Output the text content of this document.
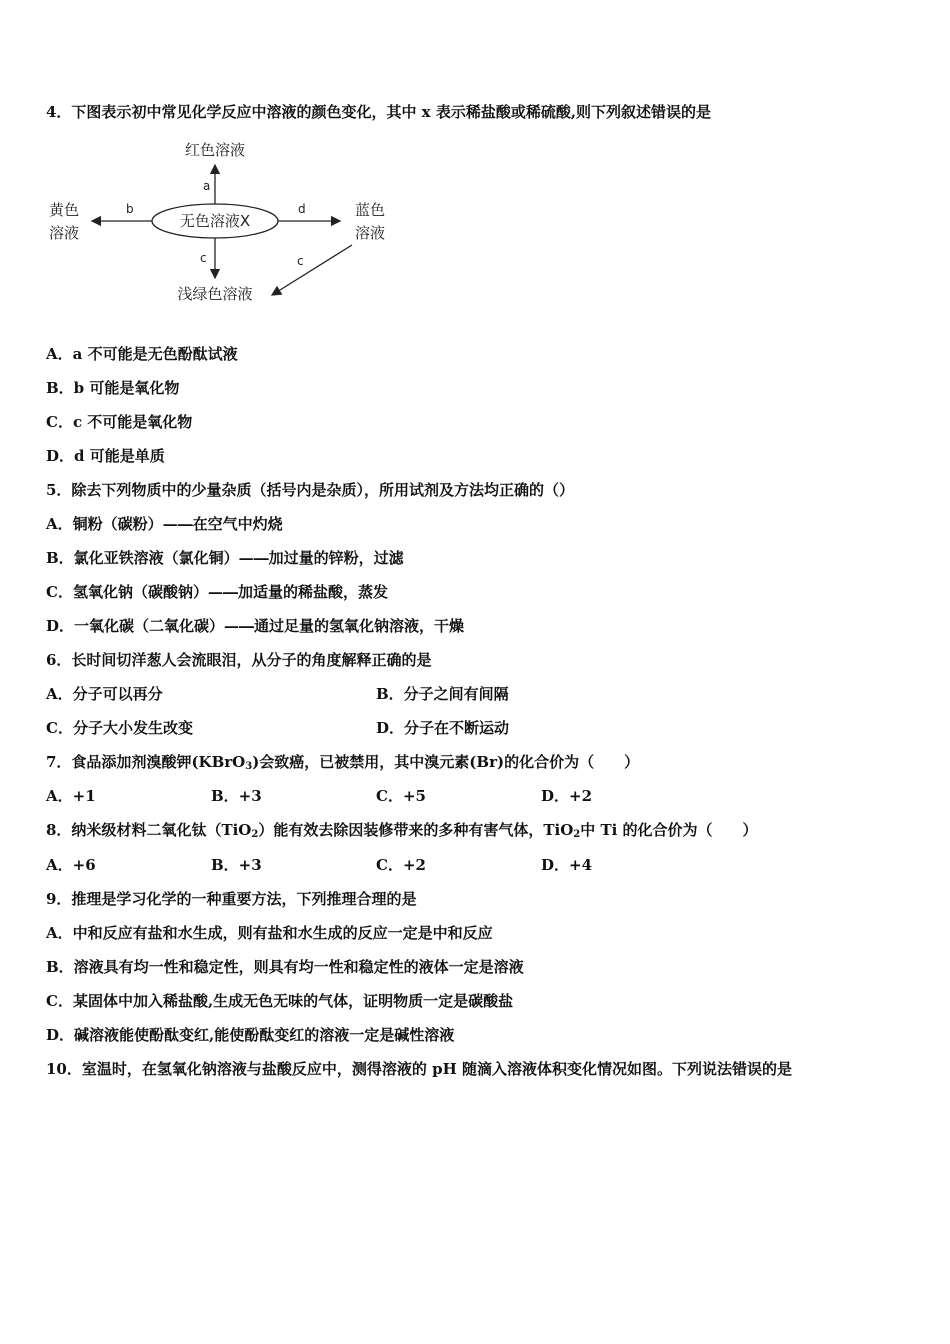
4．下图表示初中常见化学反应中溶液的颜色变化，其中 x 表示稀盐酸或稀硫酸,则下列叙述错误的是
无色溶液X
a
红色溶液
b
黄色
溶液
d	蓝色
溶液
c	c
浅绿色溶液
A．a 不可能是无色酚酞试液
B．b 可能是氧化物
C．c 不可能是氧化物
D．d 可能是单质
5．除去下列物质中的少量杂质（括号内是杂质），所用试剂及方法均正确的（）
A．铜粉（碳粉）—―在空气中灼烧
B．氯化亚铁溶液（氯化铜）—―加过量的锌粉，过滤
C．氢氧化钠（碳酸钠）—―加适量的稀盐酸，蒸发
D．一氧化碳（二氧化碳）—―通过足量的氢氧化钠溶液，干燥
6．长时间切洋葱人会流眼泪，从分子的角度解释正确的是
A．分子可以再分	B．分子之间有间隔
C．分子大小发生改变	D．分子在不断运动
7．食品添加剂溴酸钾(KBrO$_3$)会致癌，已被禁用，其中溴元素(Br)的化合价为（　　）
A．+1	B．+3	C．+5	D．+2
8．纳米级材料二氧化钛（TiO$_2$）能有效去除因装修带来的多种有害气体，TiO$_2$中 Ti 的化合价为（　　）
A．+6	B．+3	C．+2	D．+4
9．推理是学习化学的一种重要方法，下列推理合理的是
A．中和反应有盐和水生成，则有盐和水生成的反应一定是中和反应
B．溶液具有均一性和稳定性，则具有均一性和稳定性的液体一定是溶液
C．某固体中加入稀盐酸,生成无色无味的气体，证明物质一定是碳酸盐
D．碱溶液能使酚酞变红,能使酚酞变红的溶液一定是碱性溶液
10．室温时，在氢氧化钠溶液与盐酸反应中，测得溶液的 pH 随滴入溶液体积变化情况如图。下列说法错误的是
